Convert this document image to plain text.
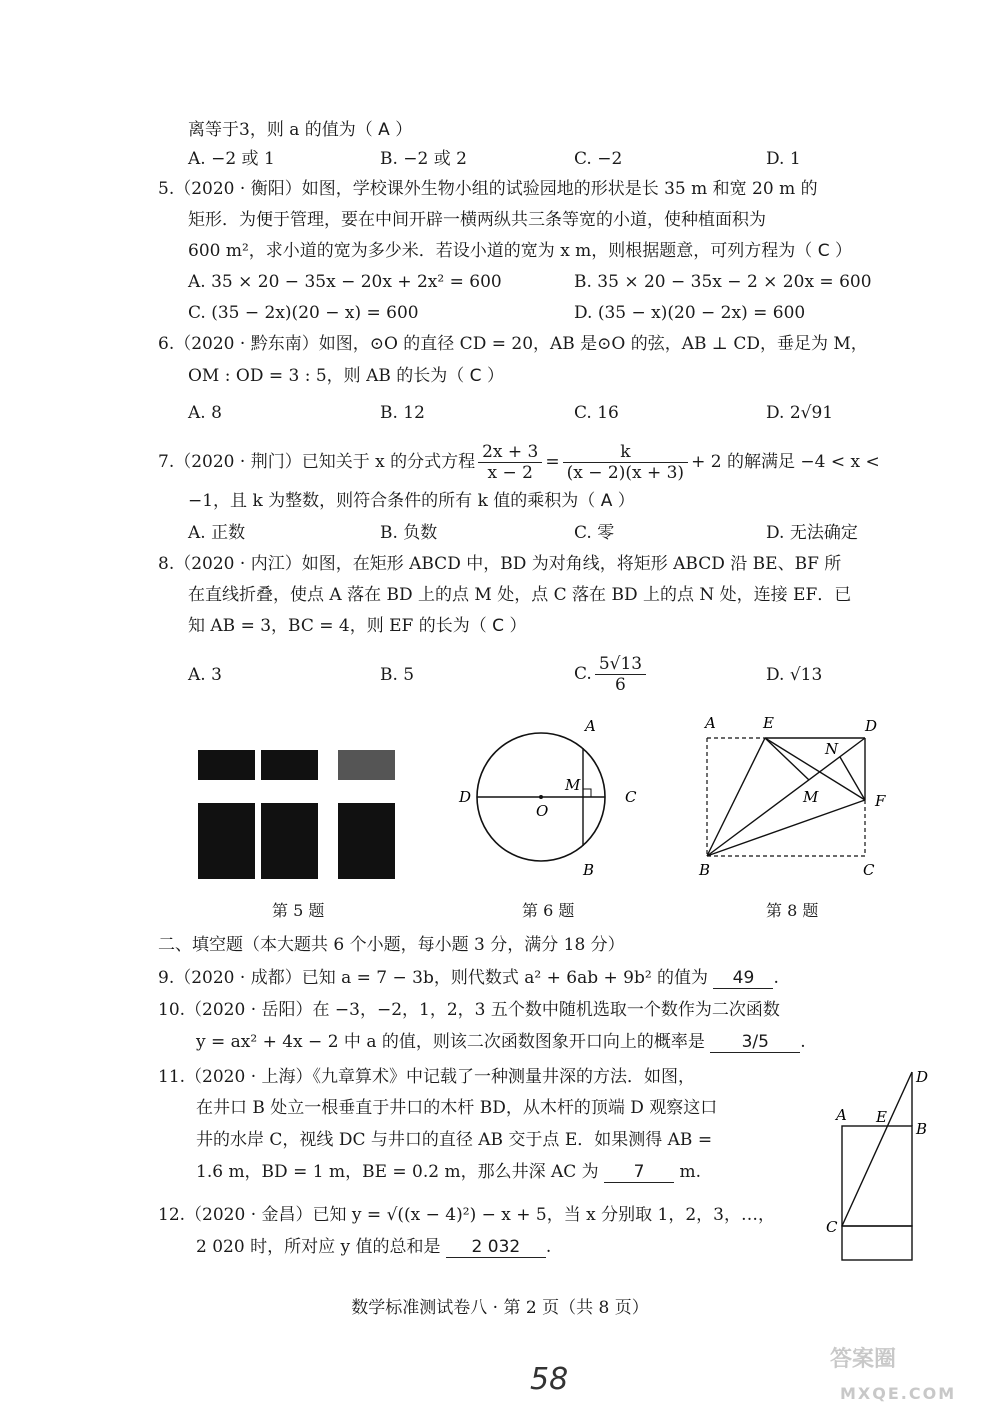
离等于3，则 a 的值为（ A ）
A. −2 或 1	B. −2 或 2	C. −2	D. 1
5.（2020 · 衡阳）如图，学校课外生物小组的试验园地的形状是长 35 m 和宽 20 m 的
矩形．为便于管理，要在中间开辟一横两纵共三条等宽的小道，使种植面积为
600 m²，求小道的宽为多少米．若设小道的宽为 x m，则根据题意，可列方程为（ C ）
A. 35 × 20 − 35x − 20x + 2x² = 600	B. 35 × 20 − 35x − 2 × 20x = 600
C. (35 − 2x)(20 − x) = 600	D. (35 − x)(20 − 2x) = 600
6.（2020 · 黔东南）如图，⊙O 的直径 CD = 20，AB 是⊙O 的弦，AB ⊥ CD，垂足为 M，
OM : OD = 3 : 5，则 AB 的长为（ C ）
A. 8	B. 12	C. 16	D. 2√91
7.（2020 · 荆门）已知关于 x 的分式方程 $\frac{2x + 3}{x - 2} = \frac{k}{(x - 2)(x + 3)} + 2$ 的解满足 −4 < x <
−1，且 k 为整数，则符合条件的所有 k 值的乘积为（ A ）
A. 正数	B. 负数	C. 零	D. 无法确定
8.（2020 · 内江）如图，在矩形 ABCD 中，BD 为对角线，将矩形 ABCD 沿 BE、BF 所
在直线折叠，使点 A 落在 BD 上的点 M 处，点 C 落在 BD 上的点 N 处，连接 EF．已
知 AB = 3，BC = 4，则 EF 的长为（ C ）
A. 3	B. 5	C. $\frac{5√13}{6}$	D. √13
第 5 题
A
B
C
D
O
M
第 6 题
A	E	D
N
M	F
B	C
第 8 题
二、填空题（本大题共 6 个小题，每小题 3 分，满分 18 分）
9.（2020 · 成都）已知 a = 7 − 3b，则代数式 a² + 6ab + 9b² 的值为 49 .
10.（2020 · 岳阳）在 −3，−2，1，2，3 五个数中随机选取一个数作为二次函数
y = ax² + 4x − 2 中 a 的值，则该二次函数图象开口向上的概率是 3/5 .
11.（2020 · 上海）《九章算术》中记载了一种测量井深的方法．如图，
在井口 B 处立一根垂直于井口的木杆 BD，从木杆的顶端 D 观察这口
井的水岸 C，视线 DC 与井口的直径 AB 交于点 E．如果测得 AB =
1.6 m，BD = 1 m，BE = 0.2 m，那么井深 AC 为 7 m.
A E
B
D
C
12.（2020 · 金昌）已知 y = √((x − 4)²) − x + 5，当 x 分别取 1，2，3，…，
2 020 时，所对应 y 值的总和是 2 032 .
数学标准测试卷八 · 第 2 页（共 8 页）
58
答案圈
MXQE.COM
